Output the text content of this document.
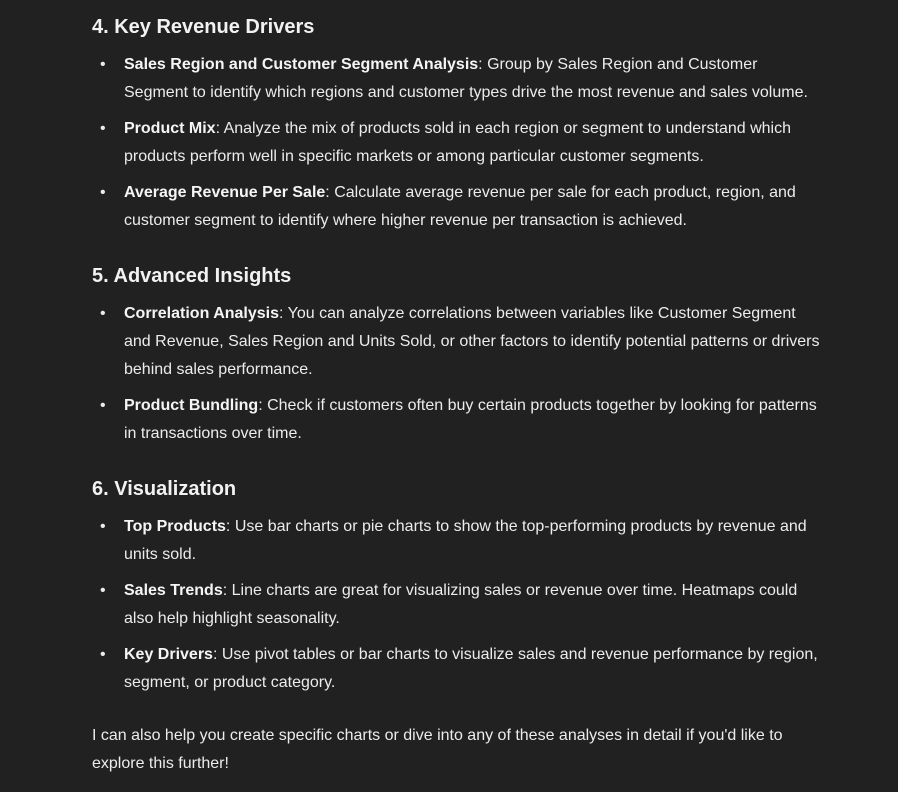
4. Key Revenue Drivers
• Sales Region and Customer Segment Analysis: Group by Sales Region and Customer Segment to identify which regions and customer types drive the most revenue and sales volume.
• Product Mix: Analyze the mix of products sold in each region or segment to understand which products perform well in specific markets or among particular customer segments.
• Average Revenue Per Sale: Calculate average revenue per sale for each product, region, and customer segment to identify where higher revenue per transaction is achieved.
5. Advanced Insights
• Correlation Analysis: You can analyze correlations between variables like Customer Segment and Revenue, Sales Region and Units Sold, or other factors to identify potential patterns or drivers behind sales performance.
• Product Bundling: Check if customers often buy certain products together by looking for patterns in transactions over time.
6. Visualization
• Top Products: Use bar charts or pie charts to show the top-performing products by revenue and units sold.
• Sales Trends: Line charts are great for visualizing sales or revenue over time. Heatmaps could also help highlight seasonality.
• Key Drivers: Use pivot tables or bar charts to visualize sales and revenue performance by region, segment, or product category.

I can also help you create specific charts or dive into any of these analyses in detail if you'd like to explore this further!
